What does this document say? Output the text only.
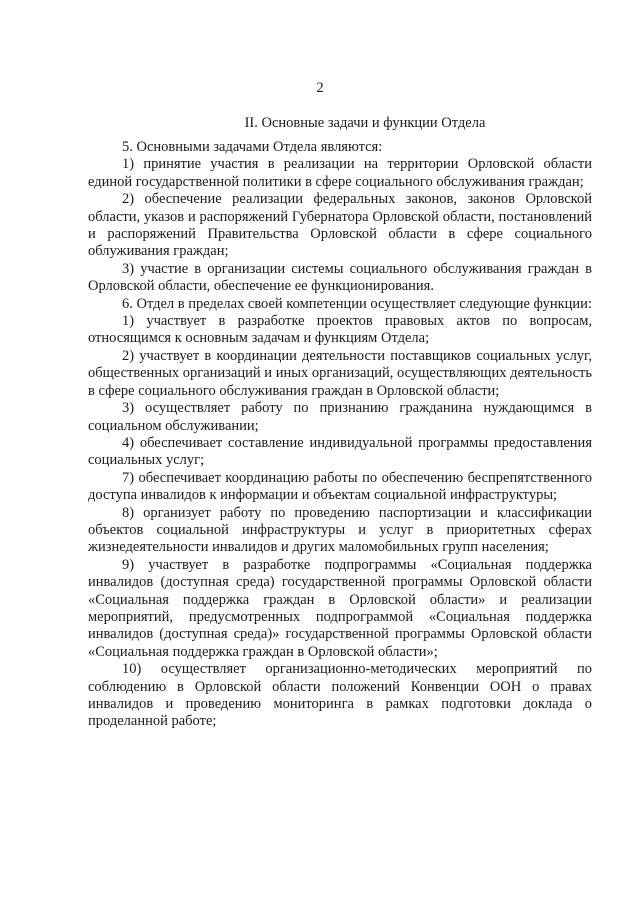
2
II. Основные задачи и функции Отдела

5. Основными задачами Отдела являются:

1) принятие участия в реализации на территории Орловской области единой государственной политики в сфере социального обслуживания граждан;

2) обеспечение реализации федеральных законов, законов Орловской области, указов и распоряжений Губернатора Орловской области, постановлений и распоряжений Правительства Орловской области в сфере социального облуживания граждан;

3) участие в организации системы социального обслуживания граждан в Орловской области, обеспечение ее функционирования.

6. Отдел в пределах своей компетенции осуществляет следующие функции:

1) участвует в разработке проектов правовых актов по вопросам, относящимся к основным задачам и функциям Отдела;

2) участвует в координации деятельности поставщиков социальных услуг, общественных организаций и иных организаций, осуществляющих деятельность в сфере социального обслуживания граждан в Орловской области;

3) осуществляет работу по признанию гражданина нуждающимся в социальном обслуживании;

4) обеспечивает составление индивидуальной программы предоставления социальных услуг;

7) обеспечивает координацию работы по обеспечению беспрепятственного доступа инвалидов к информации и объектам социальной инфраструктуры;

8) организует работу по проведению паспортизации и классификации объектов социальной инфраструктуры и услуг в приоритетных сферах жизнедеятельности инвалидов и других маломобильных групп населения;

9) участвует в разработке подпрограммы «Социальная поддержка инвалидов (доступная среда) государственной программы Орловской области «Социальная поддержка граждан в Орловской области» и реализации мероприятий, предусмотренных подпрограммой «Социальная поддержка инвалидов (доступная среда)» государственной программы Орловской области «Социальная поддержка граждан в Орловской области»;

10) осуществляет организационно-методических мероприятий по соблюдению в Орловской области положений Конвенции ООН о правах инвалидов и проведению мониторинга в рамках подготовки доклада о проделанной работе;
